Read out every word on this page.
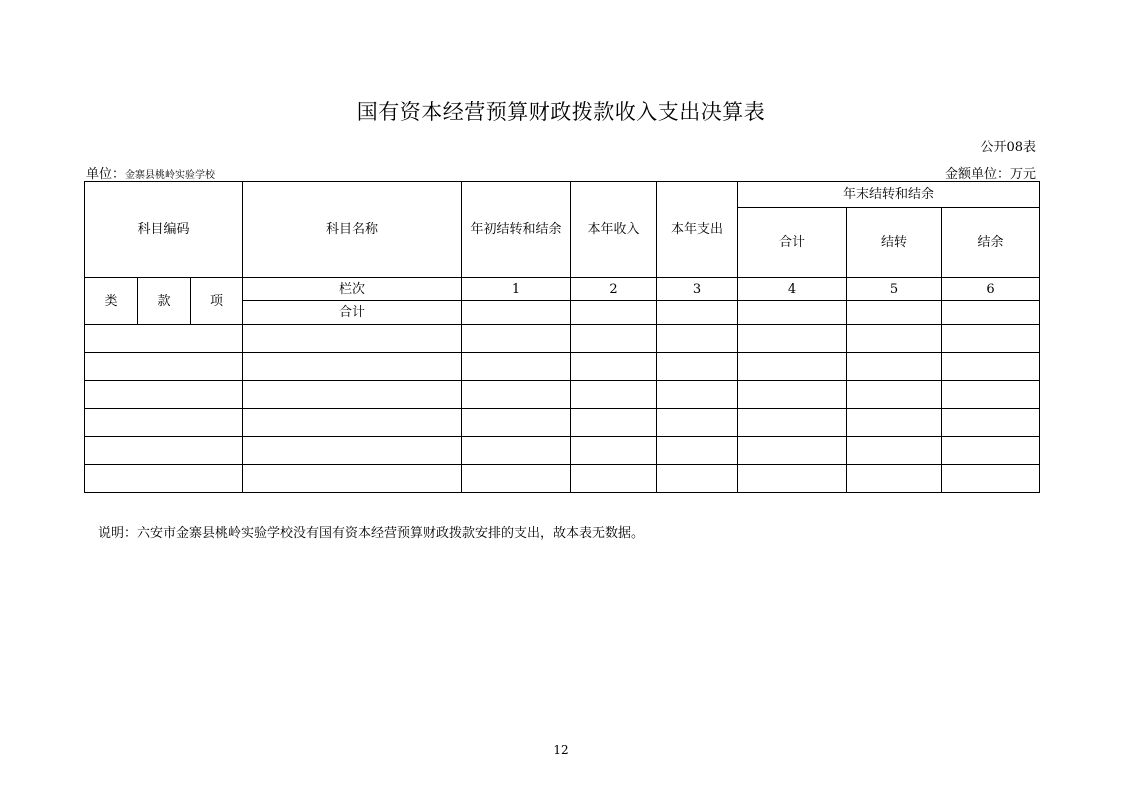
国有资本经营预算财政拨款收入支出决算表
公开08表
单位：金寨县桃岭实验学校	金额单位：万元
科目编码			科目名称	年初结转和结余	本年收入	本年支出	年末结转和结余		
							合计	结转	结余
类	款	项	栏次	1	2	3	4	5	6
			合计						

说明：六安市金寨县桃岭实验学校没有国有资本经营预算财政拨款安排的支出，故本表无数据。
12
